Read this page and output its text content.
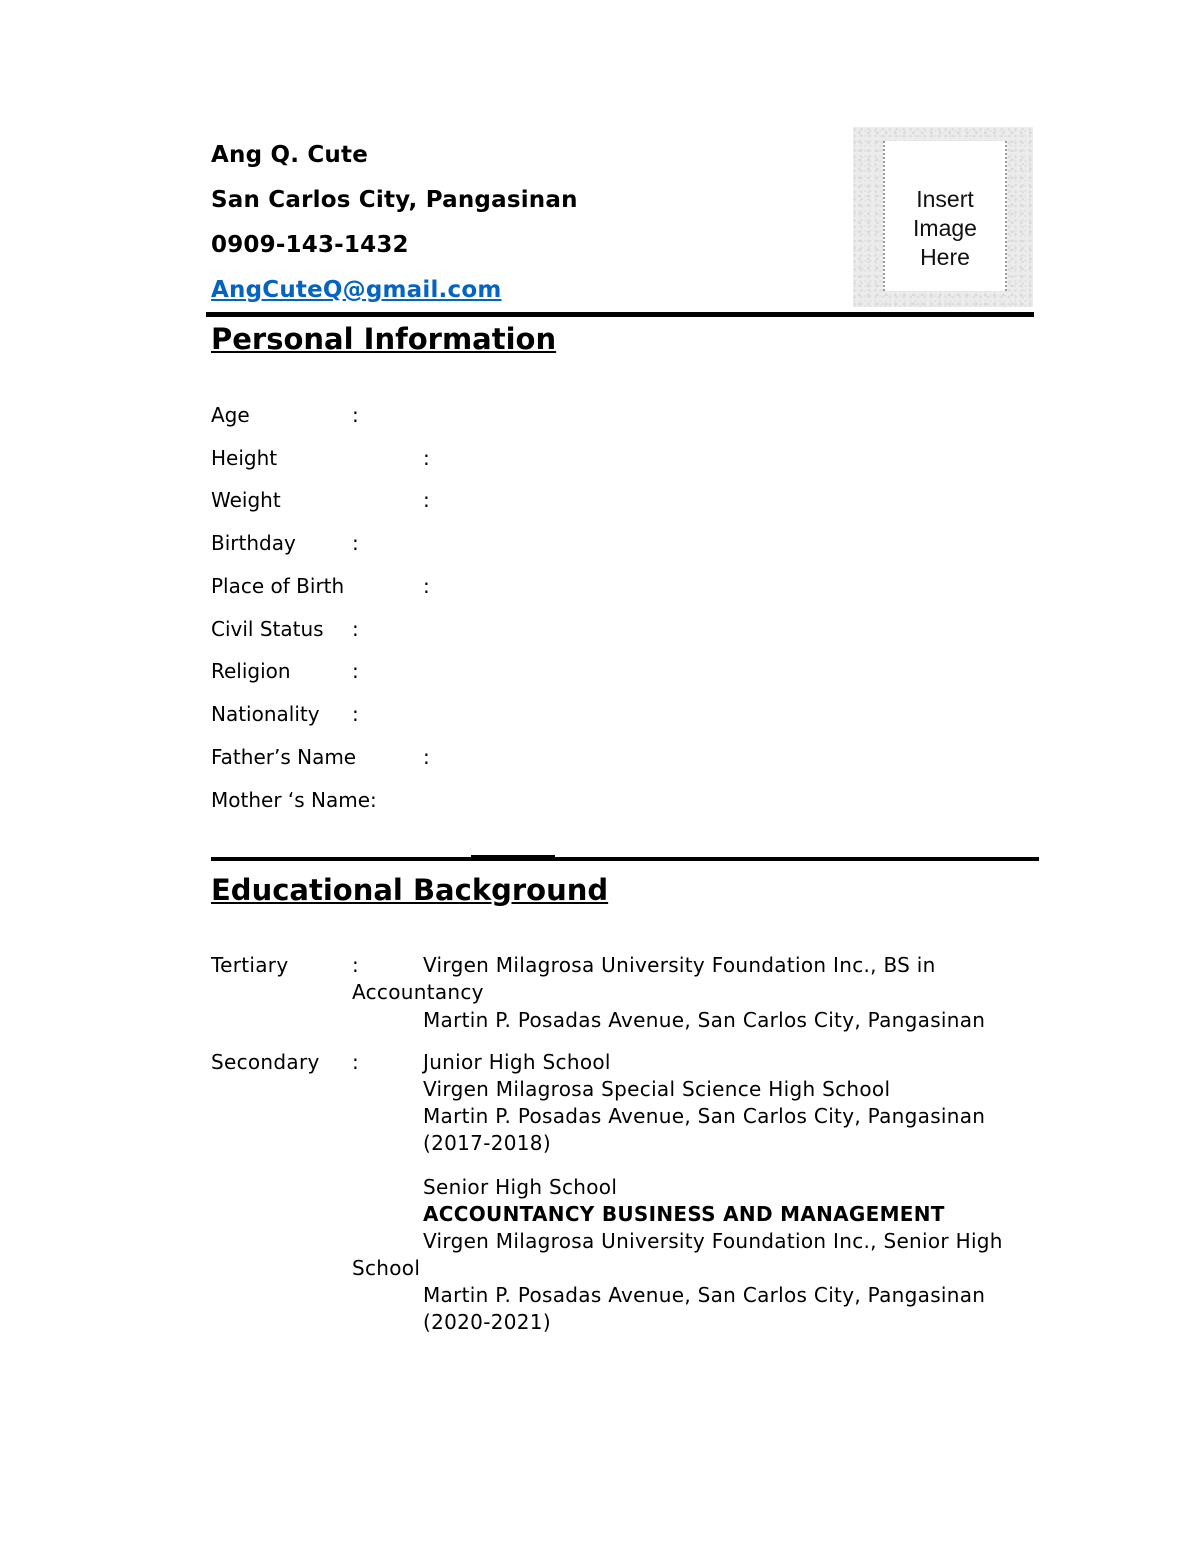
Ang Q. Cute
San Carlos City, Pangasinan
0909-143-1432
AngCuteQ@gmail.com
Insert
Image
Here
Personal Information
Age	:
Height	:
Weight	:
Birthday	:
Place of Birth	:
Civil Status :
Religion	:
Nationality :
Father’s Name	:
Mother ‘s Name:
Educational Background
Tertiary	:	Virgen Milagrosa University Foundation Inc., BS in
Accountancy
Martin P. Posadas Avenue, San Carlos City, Pangasinan
Secondary :	Junior High School
Virgen Milagrosa Special Science High School
Martin P. Posadas Avenue, San Carlos City, Pangasinan
(2017-2018)
Senior High School
ACCOUNTANCY BUSINESS AND MANAGEMENT
Virgen Milagrosa University Foundation Inc., Senior High
School
Martin P. Posadas Avenue, San Carlos City, Pangasinan
(2020-2021)
